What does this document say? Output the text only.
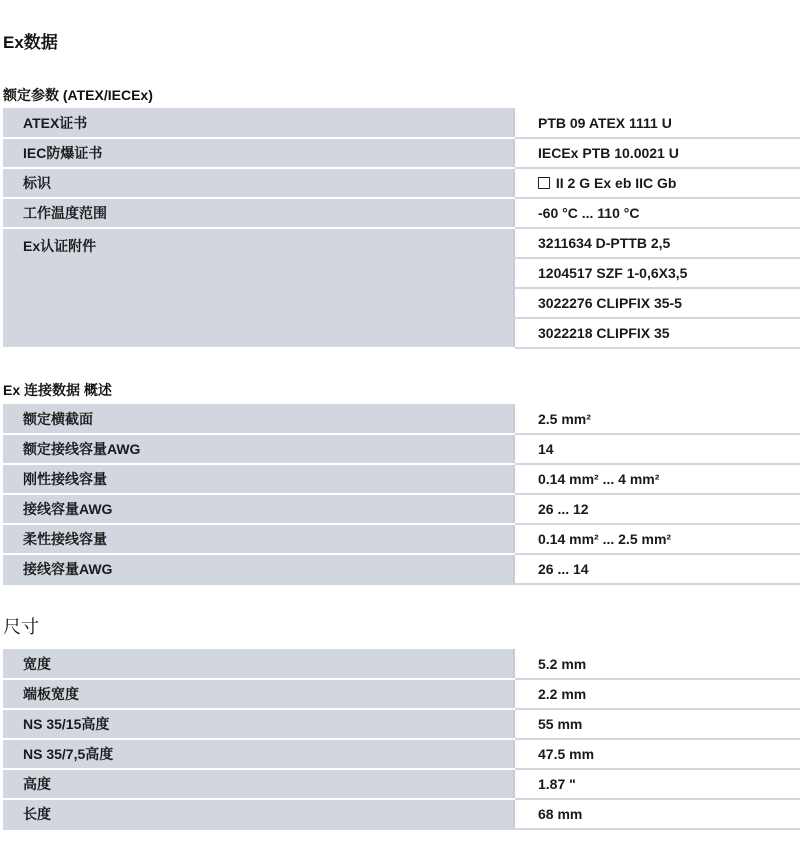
Ex数据
额定参数 (ATEX/IECEx)
ATEX证书	PTB 09 ATEX 1111 U
IEC防爆证书	IECEx PTB 10.0021 U
标识	II 2 G Ex eb IIC Gb
工作温度范围	-60 °C ... 110 °C
Ex认证附件	3211634 D-PTTB 2,5
	1204517 SZF 1-0,6X3,5
	3022276 CLIPFIX 35-5
	3022218 CLIPFIX 35
Ex 连接数据 概述
额定横截面	2.5 mm²
额定接线容量AWG	14
刚性接线容量	0.14 mm² ... 4 mm²
接线容量AWG	26 ... 12
柔性接线容量	0.14 mm² ... 2.5 mm²
接线容量AWG	26 ... 14
尺寸
宽度	5.2 mm
端板宽度	2.2 mm
NS 35/15高度	55 mm
NS 35/7,5高度	47.5 mm
高度	1.87 "
长度	68 mm
